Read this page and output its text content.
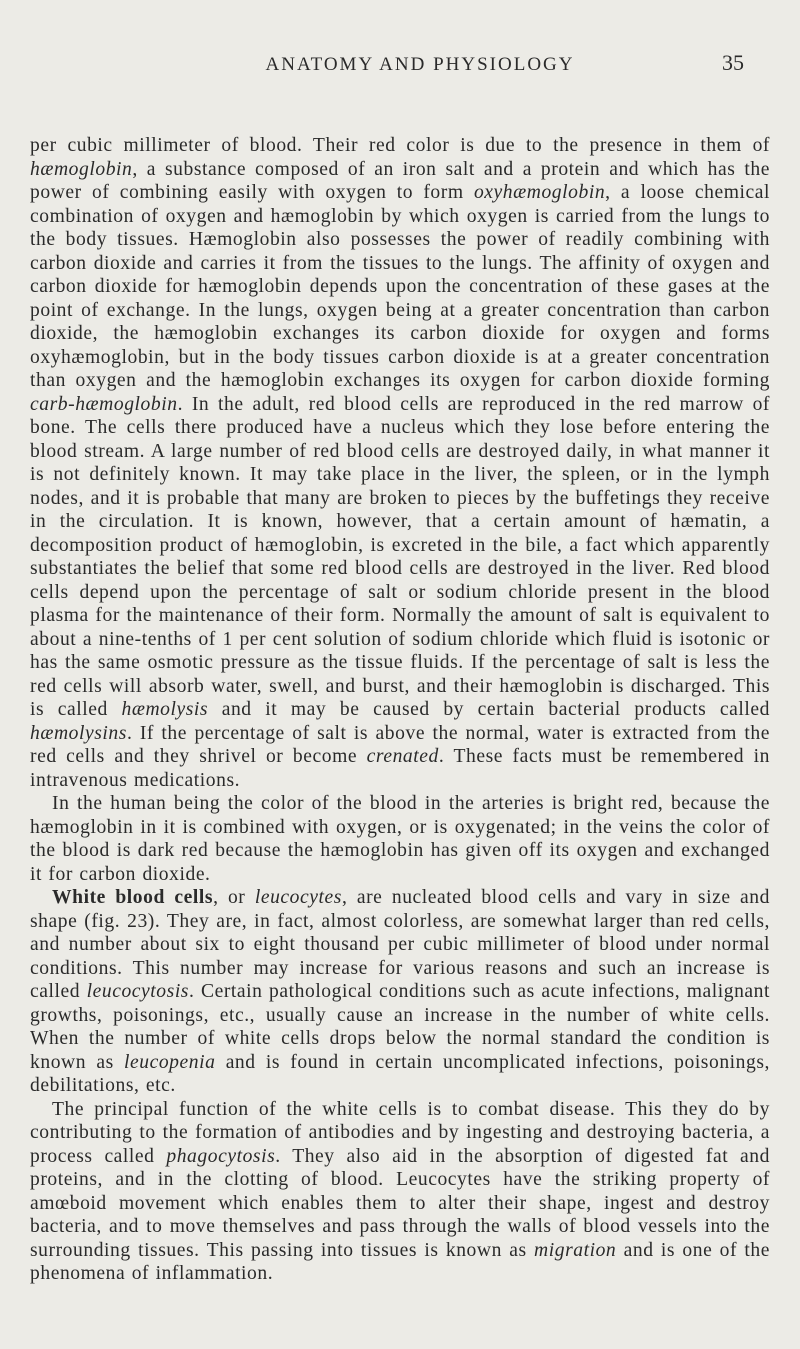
ANATOMY AND PHYSIOLOGY	35

per cubic millimeter of blood. Their red color is due to the presence in them of hæmoglobin, a substance composed of an iron salt and a protein and which has the power of combining easily with oxygen to form oxyhæmoglobin, a loose chemical combination of oxygen and hæmoglobin by which oxygen is carried from the lungs to the body tissues. Hæmoglobin also possesses the power of readily combining with carbon dioxide and carries it from the tissues to the lungs. The affinity of oxygen and carbon dioxide for hæmoglobin depends upon the concentration of these gases at the point of exchange. In the lungs, oxygen being at a greater concentration than carbon dioxide, the hæmoglobin exchanges its carbon dioxide for oxygen and forms oxyhæmoglobin, but in the body tissues carbon dioxide is at a greater concentration than oxygen and the hæmoglobin exchanges its oxygen for carbon dioxide forming carb-hæmoglobin. In the adult, red blood cells are reproduced in the red marrow of bone. The cells there produced have a nucleus which they lose before entering the blood stream. A large number of red blood cells are destroyed daily, in what manner it is not definitely known. It may take place in the liver, the spleen, or in the lymph nodes, and it is probable that many are broken to pieces by the buffetings they receive in the circulation. It is known, however, that a certain amount of hæmatin, a decomposition product of hæmoglobin, is excreted in the bile, a fact which apparently substantiates the belief that some red blood cells are destroyed in the liver. Red blood cells depend upon the percentage of salt or sodium chloride present in the blood plasma for the maintenance of their form. Normally the amount of salt is equivalent to about a nine-tenths of 1 per cent solution of sodium chloride which fluid is isotonic or has the same osmotic pressure as the tissue fluids. If the percentage of salt is less the red cells will absorb water, swell, and burst, and their hæmoglobin is discharged. This is called hæmolysis and it may be caused by certain bacterial products called hæmolysins. If the percentage of salt is above the normal, water is extracted from the red cells and they shrivel or become crenated. These facts must be remembered in intravenous medications.

In the human being the color of the blood in the arteries is bright red, because the hæmoglobin in it is combined with oxygen, or is oxygenated; in the veins the color of the blood is dark red because the hæmoglobin has given off its oxygen and exchanged it for carbon dioxide.

White blood cells, or leucocytes, are nucleated blood cells and vary in size and shape (fig. 23). They are, in fact, almost colorless, are somewhat larger than red cells, and number about six to eight thousand per cubic millimeter of blood under normal conditions. This number may increase for various reasons and such an increase is called leucocytosis. Certain pathological conditions such as acute infections, malignant growths, poisonings, etc., usually cause an increase in the number of white cells. When the number of white cells drops below the normal standard the condition is known as leucopenia and is found in certain uncomplicated infections, poisonings, debilitations, etc.

The principal function of the white cells is to combat disease. This they do by contributing to the formation of antibodies and by ingesting and destroying bacteria, a process called phagocytosis. They also aid in the absorption of digested fat and proteins, and in the clotting of blood. Leucocytes have the striking property of amœboid movement which enables them to alter their shape, ingest and destroy bacteria, and to move themselves and pass through the walls of blood vessels into the surrounding tissues. This passing into tissues is known as migration and is one of the phenomena of inflammation.
